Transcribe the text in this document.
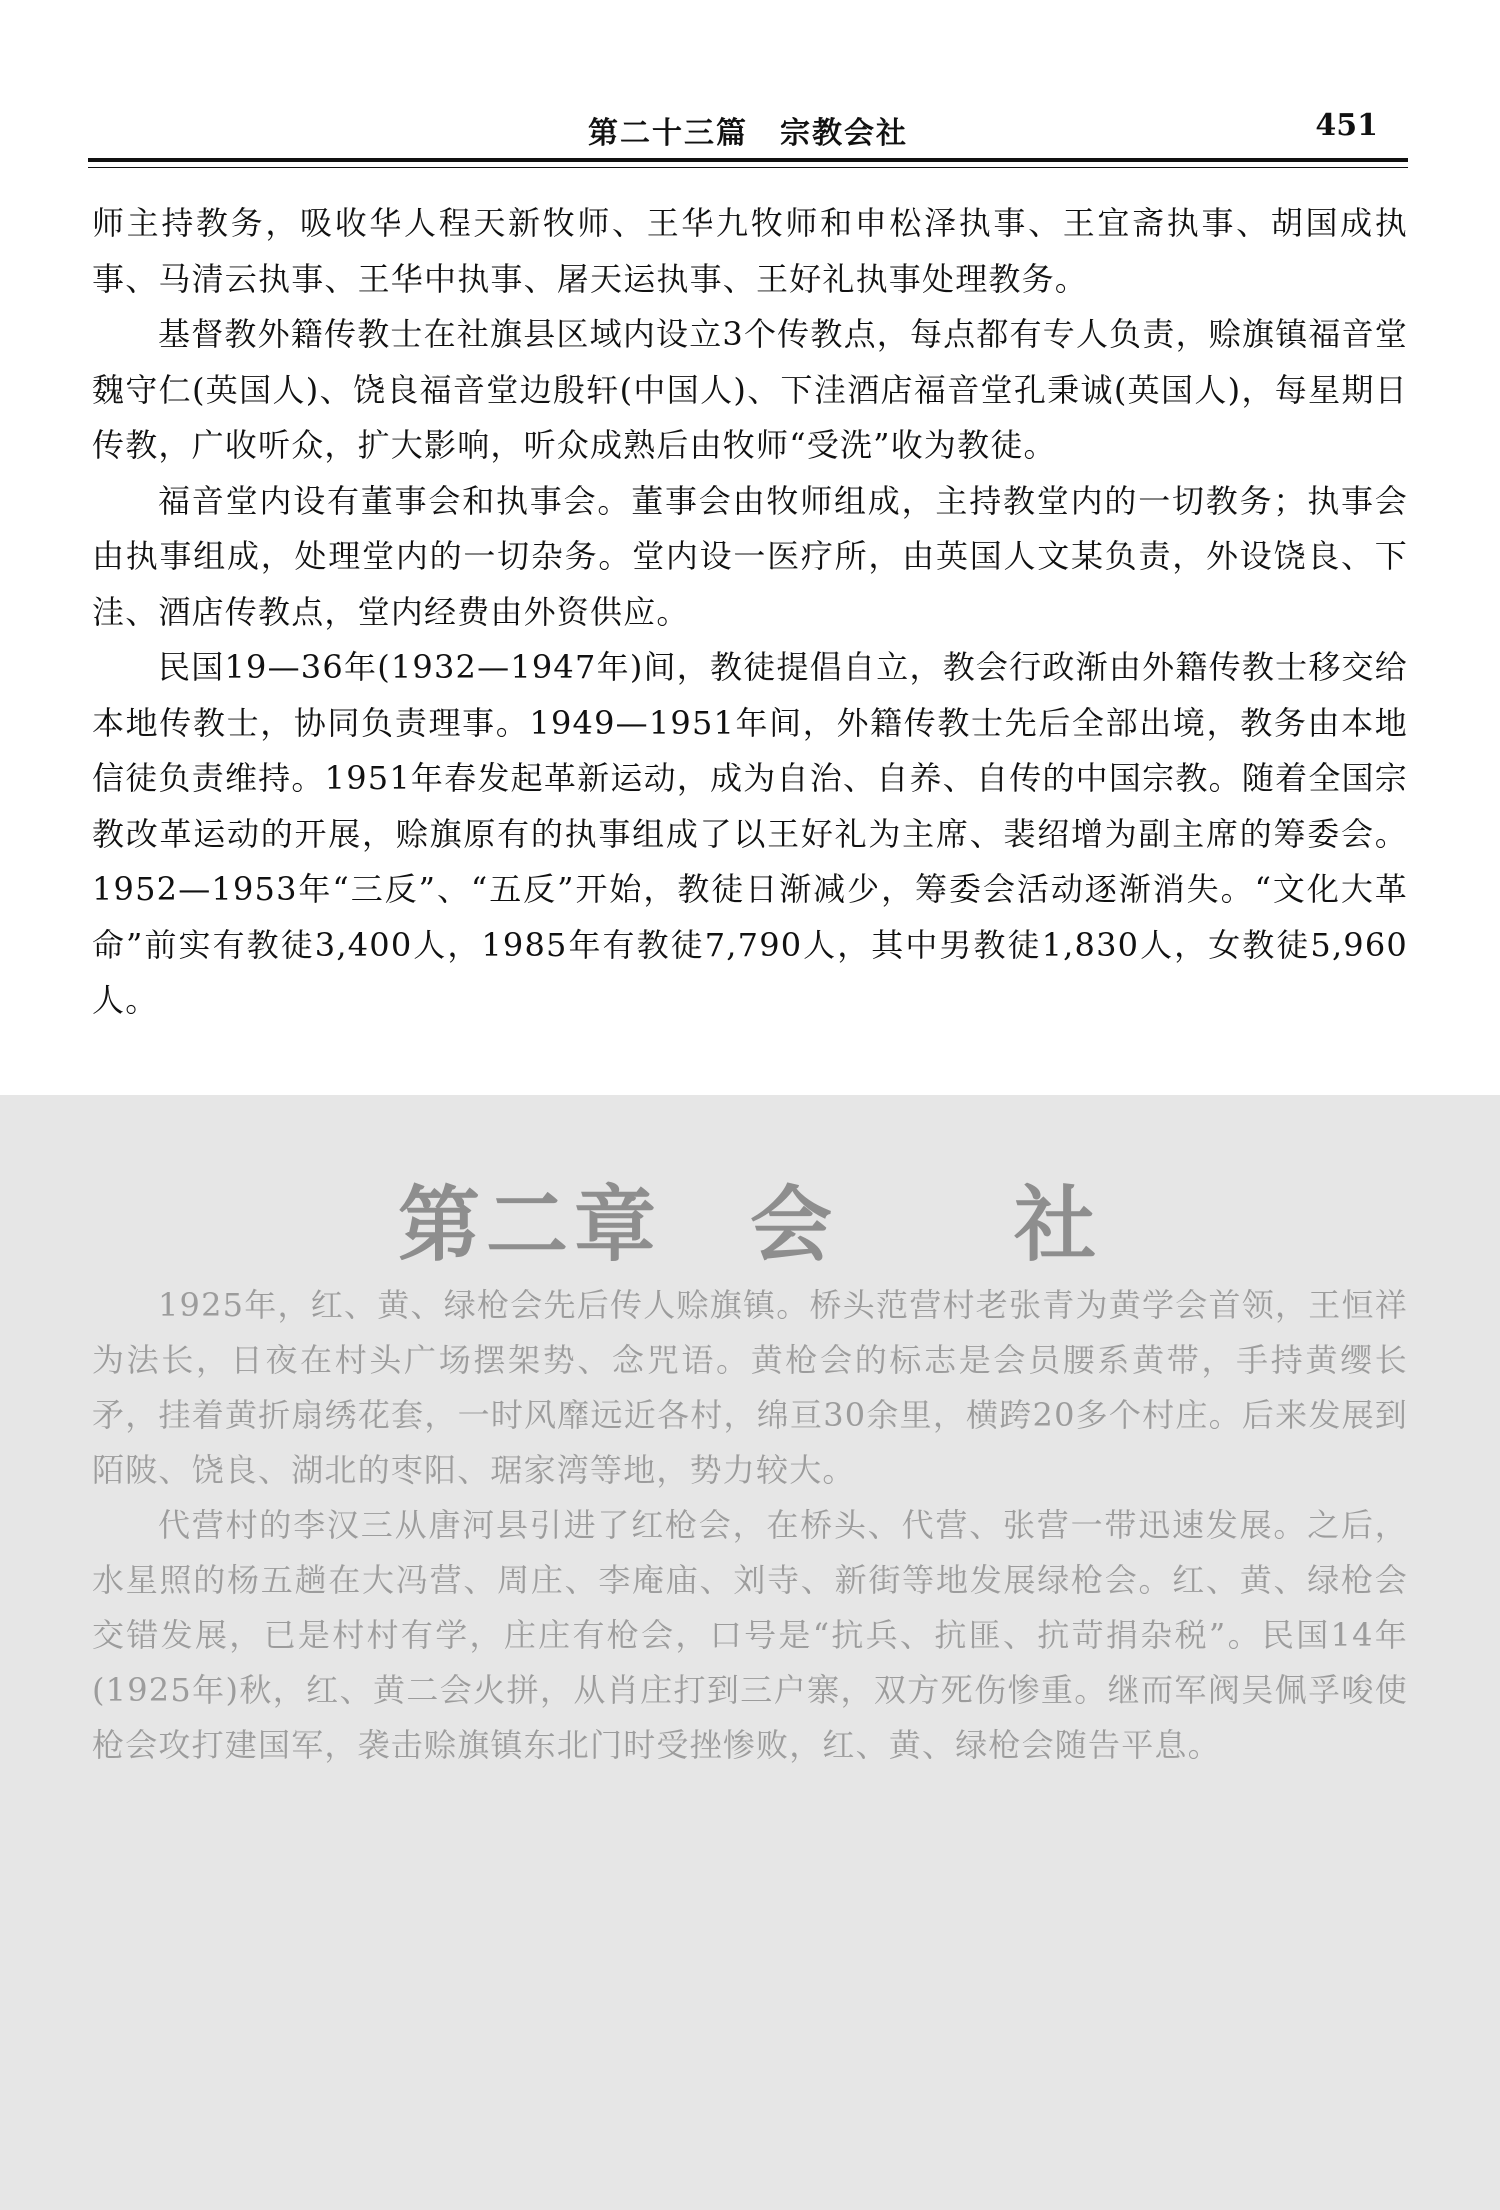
第二十三篇　宗教会社	451

师主持教务，吸收华人程天新牧师、王华九牧师和申松泽执事、王宜斋执事、胡国成执事、马清云执事、王华中执事、屠天运执事、王好礼执事处理教务。

基督教外籍传教士在社旗县区域内设立3个传教点，每点都有专人负责，赊旗镇福音堂魏守仁(英国人)、饶良福音堂边殷轩(中国人)、下洼酒店福音堂孔秉诚(英国人)，每星期日传教，广收听众，扩大影响，听众成熟后由牧师“受洗”收为教徒。

福音堂内设有董事会和执事会。董事会由牧师组成，主持教堂内的一切教务；执事会由执事组成，处理堂内的一切杂务。堂内设一医疗所，由英国人文某负责，外设饶良、下洼、酒店传教点，堂内经费由外资供应。

民国19—36年(1932—1947年)间，教徒提倡自立，教会行政渐由外籍传教士移交给本地传教士，协同负责理事。1949—1951年间，外籍传教士先后全部出境，教务由本地信徒负责维持。1951年春发起革新运动，成为自治、自养、自传的中国宗教。随着全国宗教改革运动的开展，赊旗原有的执事组成了以王好礼为主席、裴绍增为副主席的筹委会。1952—1953年“三反”、“五反”开始，教徒日渐减少，筹委会活动逐渐消失。“文化大革命”前实有教徒3,400人，1985年有教徒7,790人，其中男教徒1,830人，女教徒5,960人。

第二章　会　　社

1925年，红、黄、绿枪会先后传人赊旗镇。桥头范营村老张青为黄学会首领，王恒祥为法长，日夜在村头广场摆架势、念咒语。黄枪会的标志是会员腰系黄带，手持黄缨长矛，挂着黄折扇绣花套，一时风靡远近各村，绵亘30余里，横跨20多个村庄。后来发展到陌陂、饶良、湖北的枣阳、琚家湾等地，势力较大。

代营村的李汉三从唐河县引进了红枪会，在桥头、代营、张营一带迅速发展。之后，水星照的杨五趟在大冯营、周庄、李庵庙、刘寺、新街等地发展绿枪会。红、黄、绿枪会交错发展，已是村村有学，庄庄有枪会，口号是“抗兵、抗匪、抗苛捐杂税”。民国14年(1925年)秋，红、黄二会火拼，从肖庄打到三户寨，双方死伤惨重。继而军阀吴佩孚唆使枪会攻打建国军，袭击赊旗镇东北门时受挫惨败，红、黄、绿枪会随告平息。
